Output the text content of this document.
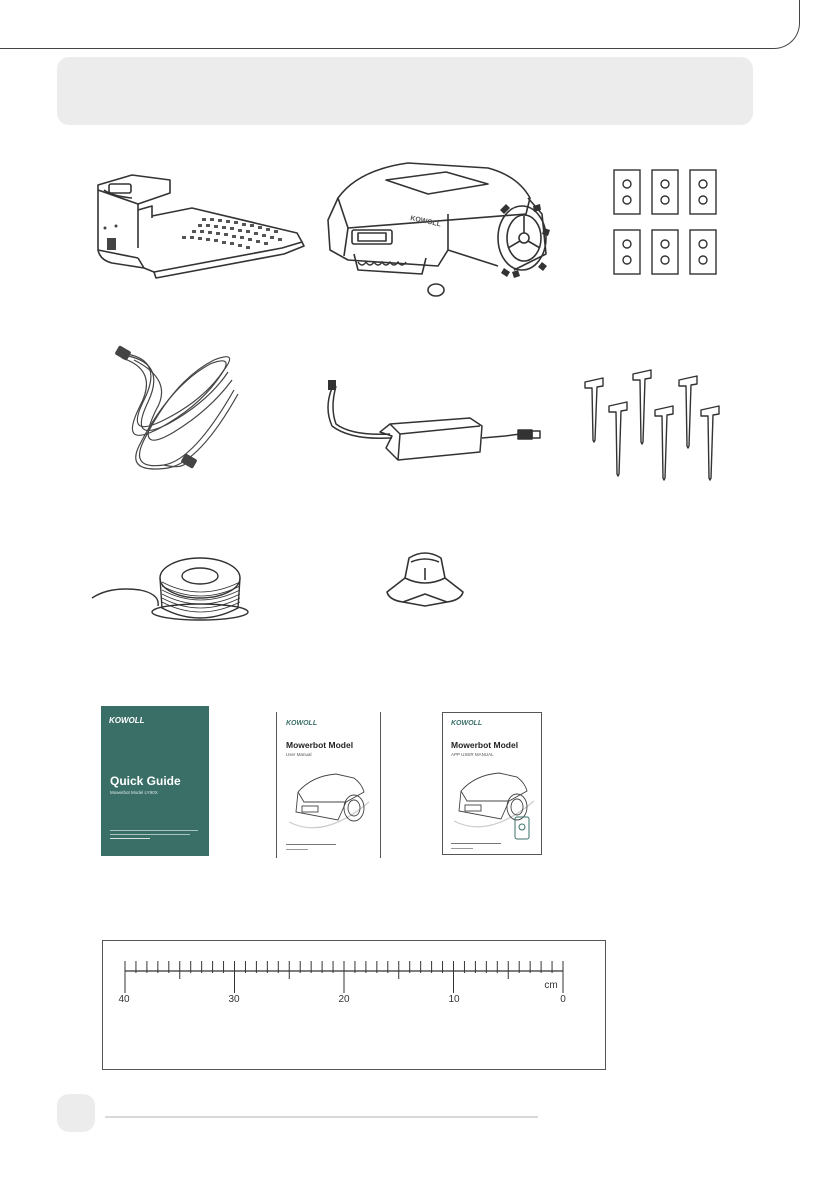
KOWOLL
KOWOLL
Quick Guide
Mowerbot Model LY90X
KOWOLL
Mowerbot Model
User Manual
KOWOLL
Mowerbot Model
APP USER MANUAL
40	30	20	10	0
cm
